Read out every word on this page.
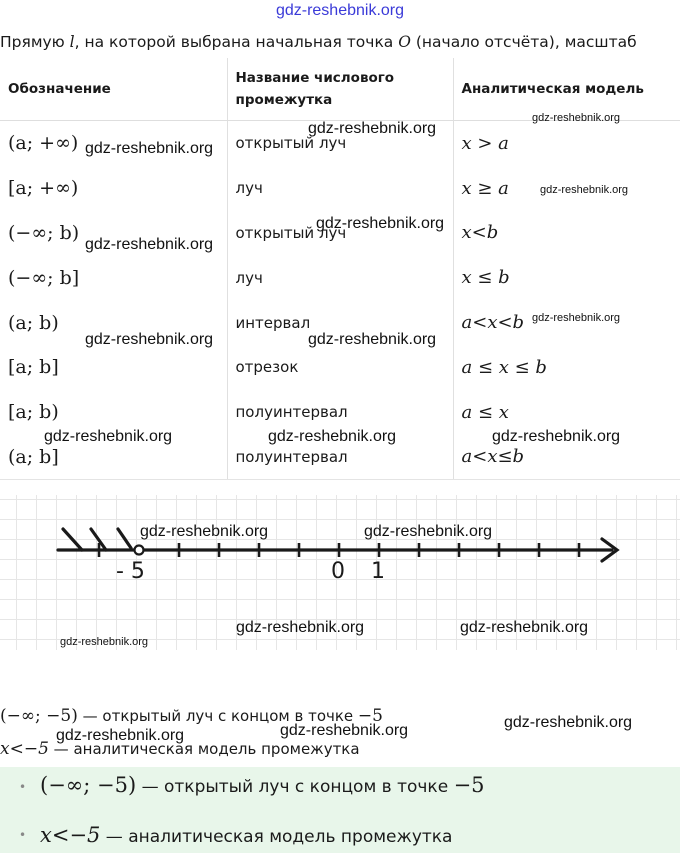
gdz-reshebnik.org
Прямую l, на которой выбрана начальная точка O (начало отсчёта), масштаб
Обозначение	Название числового промежутка	Аналитическая модель
(a; +∞)	открытый луч	x > a
[a; +∞)	луч	x ≥ a
(−∞; b)	открытый луч	x<b
(−∞; b]	луч	x ≤ b
(a; b)	интервал	a<x<b
[a; b]	отрезок	a ≤ x ≤ b
[a; b)	полуинтервал	a ≤ x
(a; b]	полуинтервал	a<x≤b
gdz-reshebnik.org
gdz-reshebnik.org
gdz-reshebnik.org
gdz-reshebnik.org
gdz-reshebnik.org
gdz-reshebnik.org
gdz-reshebnik.org
gdz-reshebnik.org	gdz-reshebnik.org
gdz-reshebnik.org	gdz-reshebnik.org	gdz-reshebnik.org
- 5	0 1
gdz-reshebnik.org	gdz-reshebnik.org
gdz-reshebnik.org	gdz-reshebnik.org
gdz-reshebnik.org
(−∞; −5) — открытый луч с концом в точке −5
x<−5 — аналитическая модель промежутка
gdz-reshebnik.org
gdz-reshebnik.org	gdz-reshebnik.org
• (−∞; −5) — открытый луч с концом в точке −5
• x<−5 — аналитическая модель промежутка
